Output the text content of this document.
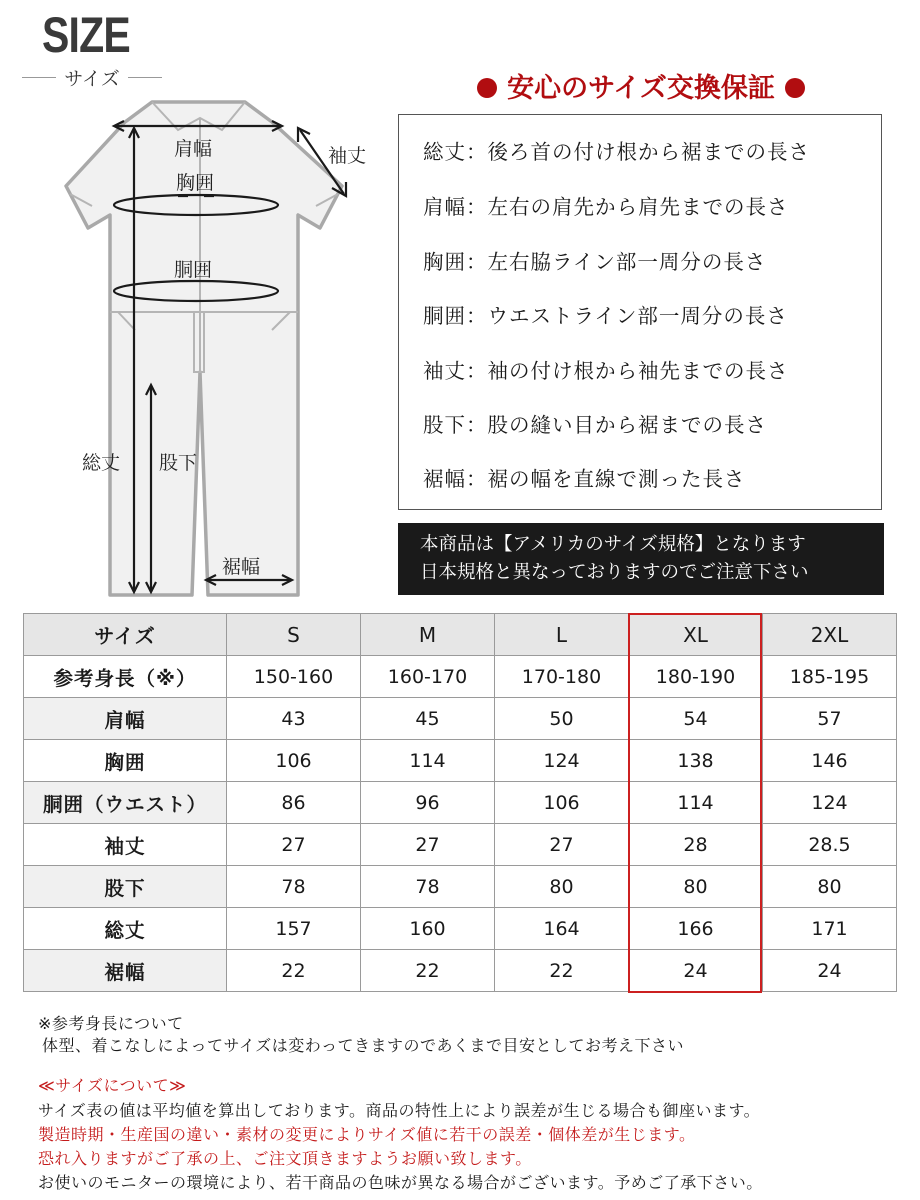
SIZE
サイズ
肩幅	袖丈
胸囲
胴囲
総丈 股下
裾幅
安心のサイズ交換保証
総丈：後ろ首の付け根から裾までの長さ
肩幅：左右の肩先から肩先までの長さ
胸囲：左右脇ライン部一周分の長さ
胴囲：ウエストライン部一周分の長さ
袖丈：袖の付け根から袖先までの長さ
股下：股の縫い目から裾までの長さ
裾幅：裾の幅を直線で測った長さ
本商品は【アメリカのサイズ規格】となります
日本規格と異なっておりますのでご注意下さい
サイズ	S	M	L	XL	2XL
参考身長（※）	150-160	160-170	170-180	180-190	185-195
肩幅	43	45	50	54	57
胸囲	106	114	124	138	146
胴囲（ウエスト）	86	96	106	114	124
袖丈	27	27	27	28	28.5
股下	78	78	80	80	80
総丈	157	160	164	166	171
裾幅	22	22	22	24	24
※参考身長について
体型、着こなしによってサイズは変わってきますのであくまで目安としてお考え下さい
≪サイズについて≫
サイズ表の値は平均値を算出しております。商品の特性上により誤差が生じる場合も御座います。
製造時期・生産国の違い・素材の変更によりサイズ値に若干の誤差・個体差が生じます。
恐れ入りますがご了承の上、ご注文頂きますようお願い致します。
お使いのモニターの環境により、若干商品の色味が異なる場合がございます。予めご了承下さい。
